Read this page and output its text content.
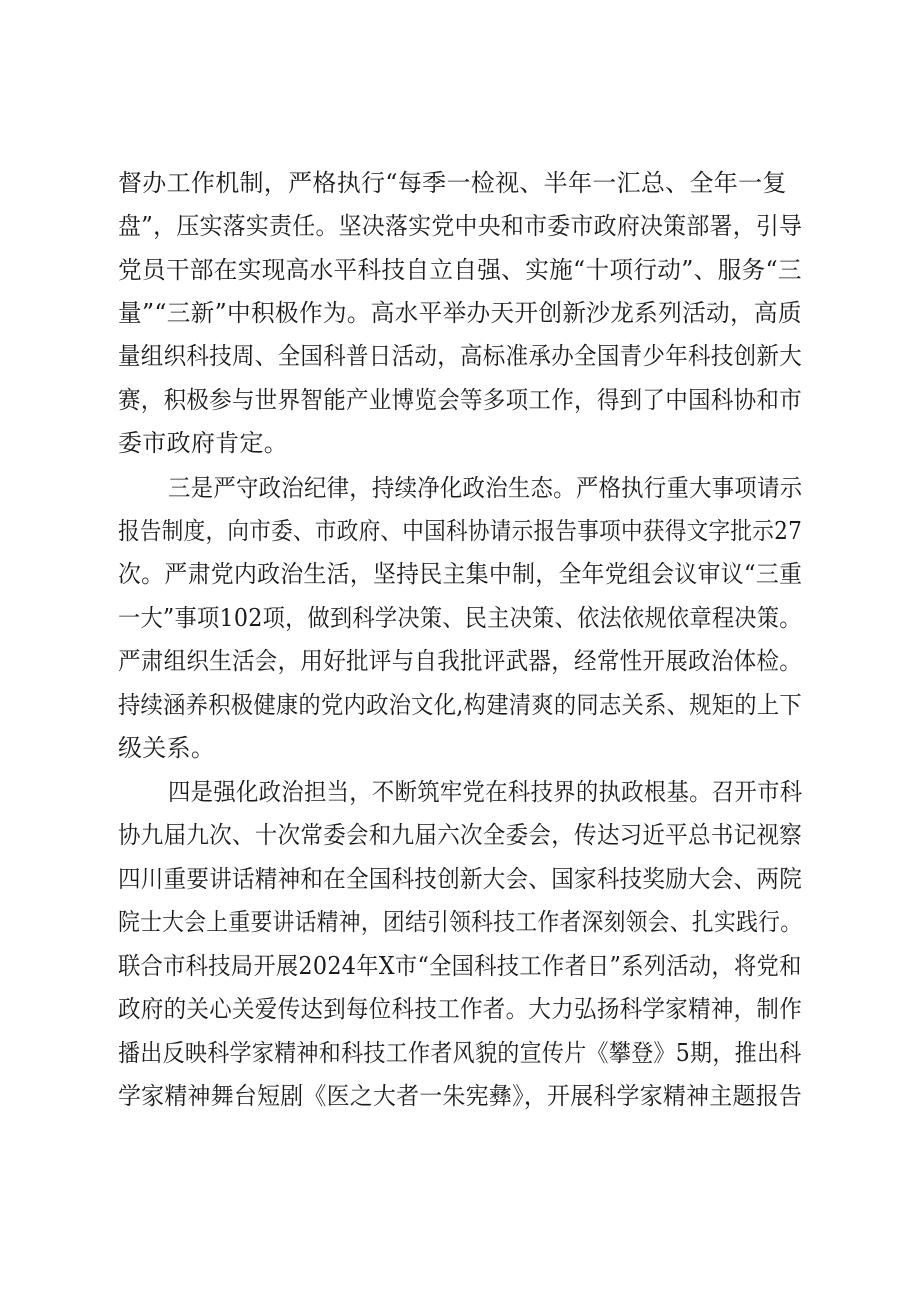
督办工作机制，严格执行“每季一检视、半年一汇总、全年一复
盘”，压实落实责任。坚决落实党中央和市委市政府决策部署，引导
党员干部在实现高水平科技自立自强、实施“十项行动”、服务“三
量”“三新”中积极作为。高水平举办天开创新沙龙系列活动，高质
量组织科技周、全国科普日活动，高标准承办全国青少年科技创新大
赛，积极参与世界智能产业博览会等多项工作，得到了中国科协和市
委市政府肯定。
三是严守政治纪律，持续净化政治生态。严格执行重大事项请示
报告制度，向市委、市政府、中国科协请示报告事项中获得文字批示27
次。严肃党内政治生活，坚持民主集中制，全年党组会议审议“三重
一大”事项102项，做到科学决策、民主决策、依法依规依章程决策。
严肃组织生活会，用好批评与自我批评武器，经常性开展政治体检。
持续涵养积极健康的党内政治文化,构建清爽的同志关系、规矩的上下
级关系。
四是强化政治担当，不断筑牢党在科技界的执政根基。召开市科
协九届九次、十次常委会和九届六次全委会，传达习近平总书记视察
四川重要讲话精神和在全国科技创新大会、国家科技奖励大会、两院
院士大会上重要讲话精神，团结引领科技工作者深刻领会、扎实践行。
联合市科技局开展2024年X市“全国科技工作者日”系列活动，将党和
政府的关心关爱传达到每位科技工作者。大力弘扬科学家精神，制作
播出反映科学家精神和科技工作者风貌的宣传片《攀登》5期，推出科
学家精神舞台短剧《医之大者一朱宪彝》，开展科学家精神主题报告
